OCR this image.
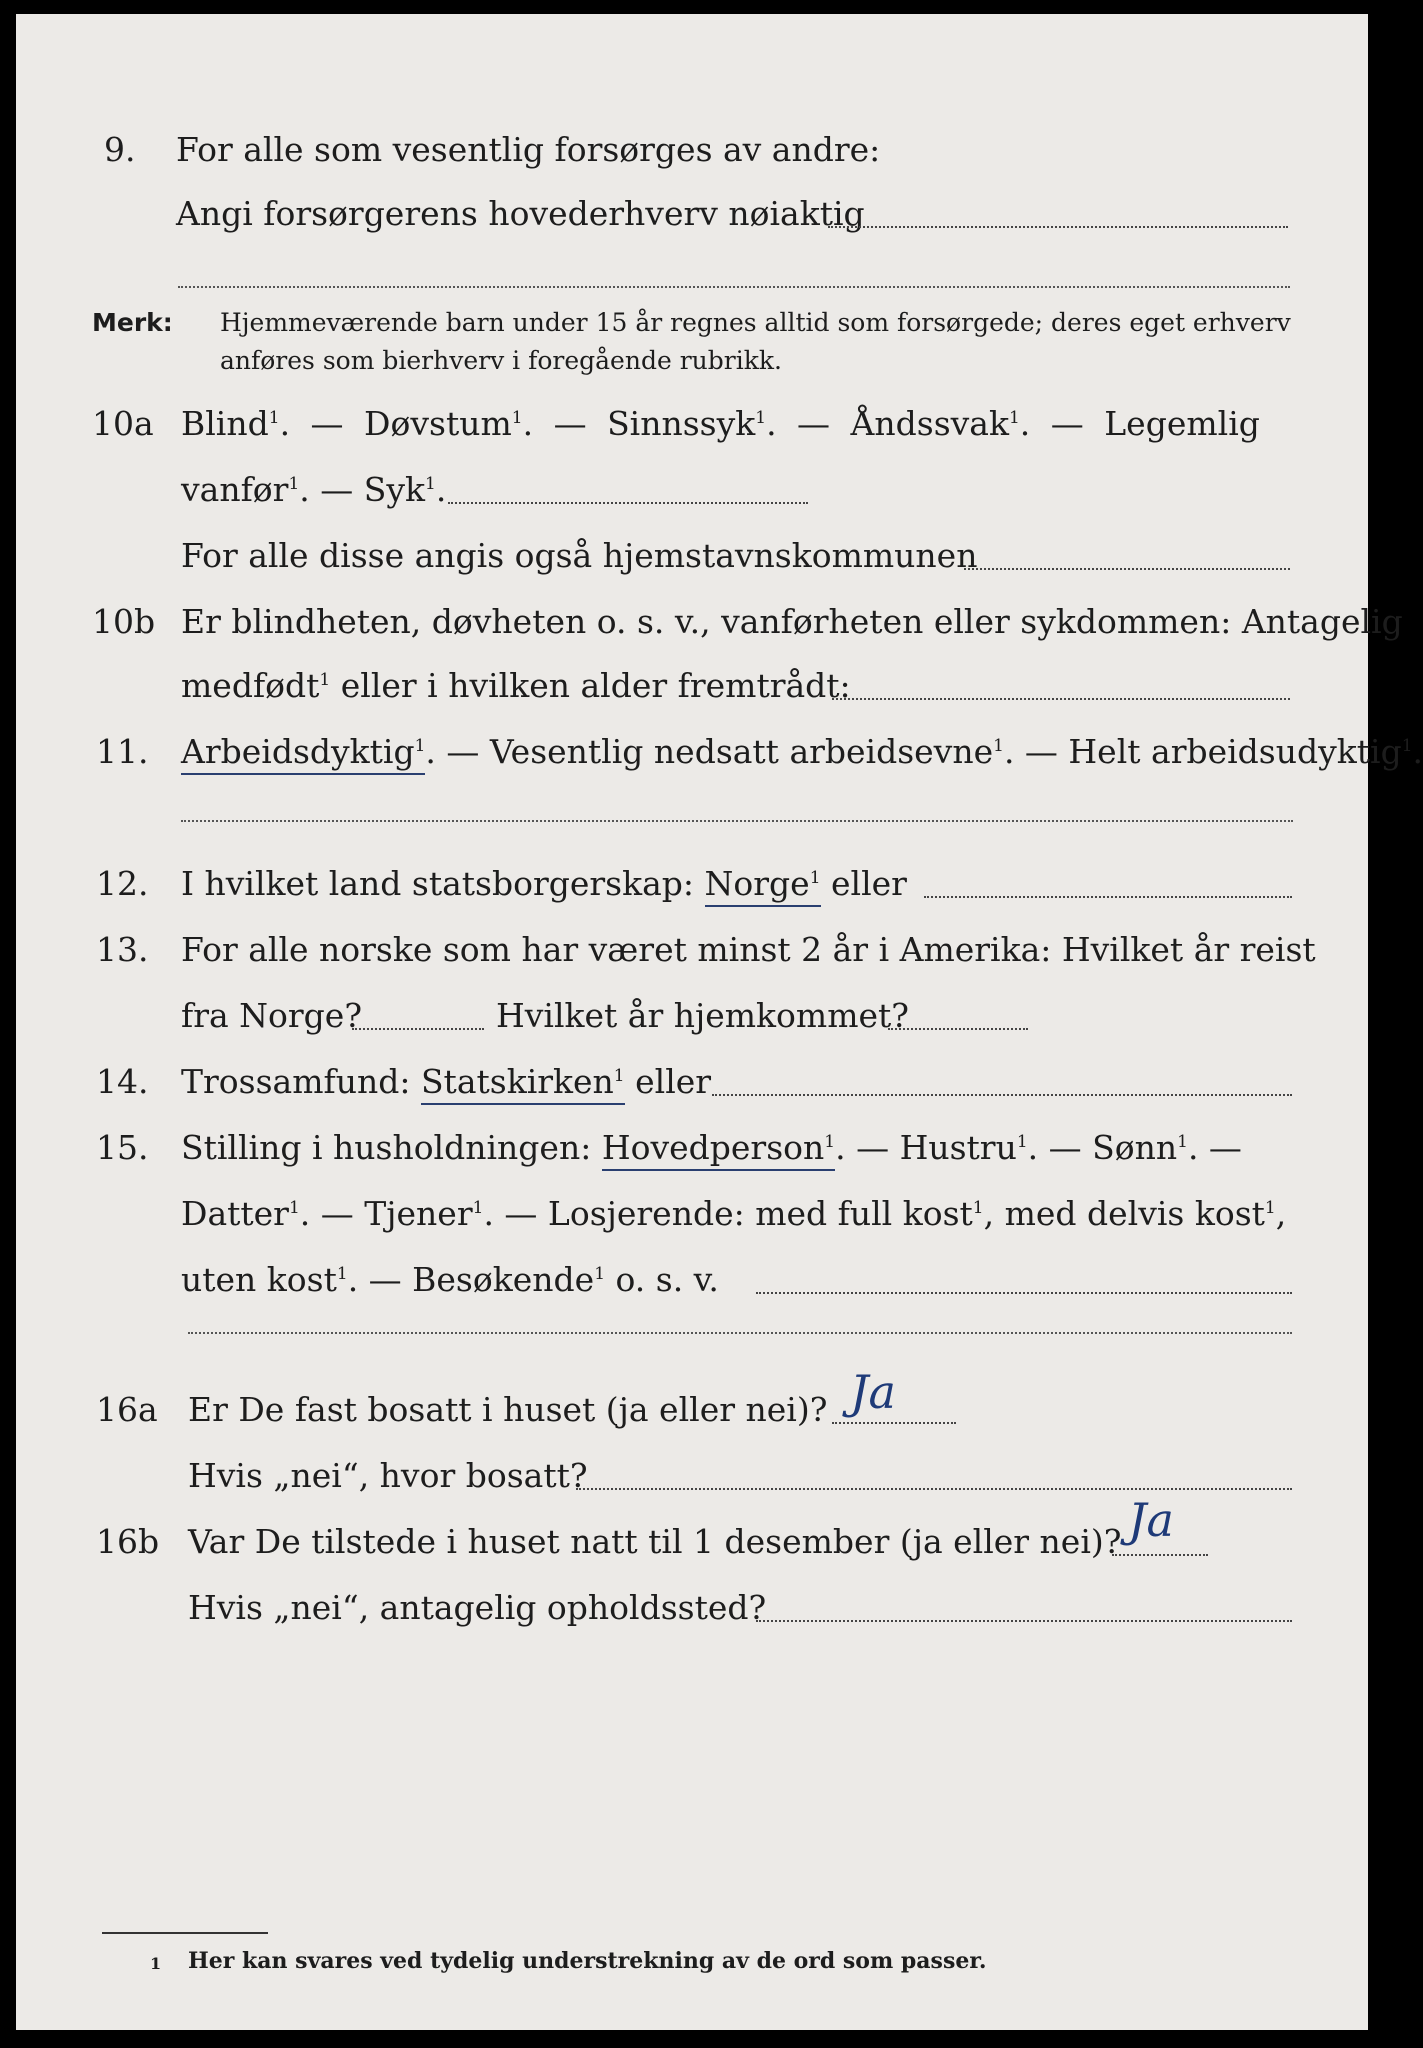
9.	For alle som vesentlig forsørges av andre:
Angi forsørgerens hovederhverv nøiaktig
Merk: Hjemmeværende barn under 15 år regnes alltid som forsørgede; deres eget erhverv
anføres som bierhverv i foregående rubrikk.
10a Blind$^1$. — Døvstum$^1$. — Sinnssyk$^1$. — Åndssvak$^1$. — Legemlig
vanfør$^1$. — Syk$^1$.
For alle disse angis også hjemstavnskommunen
10b Er blindheten, døvheten o. s. v., vanførheten eller sykdommen: Antagelig
medfødt$^1$ eller i hvilken alder fremtrådt:
11. Arbeidsdyktig$^1$. — Vesentlig nedsatt arbeidsevne$^1$. — Helt arbeidsudyktig$^1$.
12. I hvilket land statsborgerskap: Norge$^1$ eller
13. For alle norske som har været minst 2 år i Amerika: Hvilket år reist
fra Norge?	Hvilket år hjemkommet?
14. Trossamfund: Statskirken$^1$ eller
15. Stilling i husholdningen: Hovedperson$^1$. — Hustru$^1$. — Sønn$^1$. —
Datter$^1$. — Tjener$^1$. — Losjerende: med full kost$^1$, med delvis kost$^1$,
uten kost$^1$. — Besøkende$^1$ o. s. v.
16a Er De fast bosatt i huset (ja eller nei)? Ja
Hvis „nei“, hvor bosatt?
16b Var De tilstede i huset natt til 1 desember (ja eller nei)? Ja
Hvis „nei“, antagelig opholdssted?
1 Her kan svares ved tydelig understrekning av de ord som passer.
